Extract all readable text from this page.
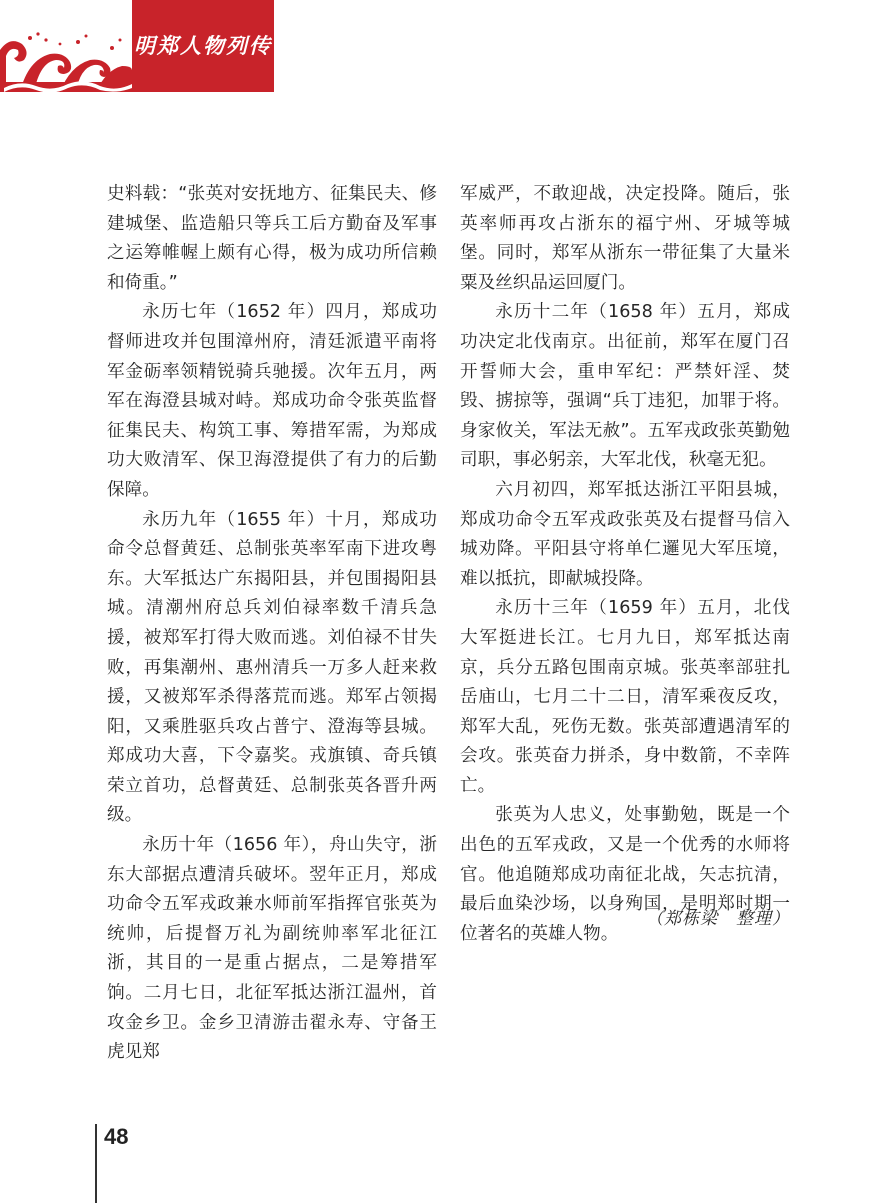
明郑人物列传

史料载：“张英对安抚地方、征集民夫、修建城堡、监造船只等兵工后方勤奋及军事之运筹帷幄上颇有心得，极为成功所信赖和倚重。”

永历七年（1652 年）四月，郑成功督师进攻并包围漳州府，清廷派遣平南将军金砺率领精锐骑兵驰援。次年五月，两军在海澄县城对峙。郑成功命令张英监督征集民夫、构筑工事、筹措军需，为郑成功大败清军、保卫海澄提供了有力的后勤保障。

永历九年（1655 年）十月，郑成功命令总督黄廷、总制张英率军南下进攻粤东。大军抵达广东揭阳县，并包围揭阳县城。清潮州府总兵刘伯禄率数千清兵急援，被郑军打得大败而逃。刘伯禄不甘失败，再集潮州、惠州清兵一万多人赶来救援，又被郑军杀得落荒而逃。郑军占领揭阳，又乘胜驱兵攻占普宁、澄海等县城。郑成功大喜，下令嘉奖。戎旗镇、奇兵镇荣立首功，总督黄廷、总制张英各晋升两级。

永历十年（1656 年），舟山失守，浙东大部据点遭清兵破坏。翌年正月，郑成功命令五军戎政兼水师前军指挥官张英为统帅，后提督万礼为副统帅率军北征江浙，其目的一是重占据点，二是筹措军饷。二月七日，北征军抵达浙江温州，首攻金乡卫。金乡卫清游击翟永寿、守备王虎见郑

军威严，不敢迎战，决定投降。随后，张英率师再攻占浙东的福宁州、牙城等城堡。同时，郑军从浙东一带征集了大量米粟及丝织品运回厦门。

永历十二年（1658 年）五月，郑成功决定北伐南京。出征前，郑军在厦门召开誓师大会，重申军纪：严禁奸淫、焚毁、掳掠等，强调“兵丁违犯，加罪于将。身家攸关，军法无赦”。五军戎政张英勤勉司职，事必躬亲，大军北伐，秋毫无犯。

六月初四，郑军抵达浙江平阳县城，郑成功命令五军戎政张英及右提督马信入城劝降。平阳县守将单仁邏见大军压境，难以抵抗，即献城投降。

永历十三年（1659 年）五月，北伐大军挺进长江。七月九日，郑军抵达南京，兵分五路包围南京城。张英率部驻扎岳庙山，七月二十二日，清军乘夜反攻，郑军大乱，死伤无数。张英部遭遇清军的会攻。张英奋力拼杀，身中数箭，不幸阵亡。

张英为人忠义，处事勤勉，既是一个出色的五军戎政，又是一个优秀的水师将官。他追随郑成功南征北战，矢志抗清，最后血染沙场，以身殉国，是明郑时期一位著名的英雄人物。

（郑栋梁　整理）
48
